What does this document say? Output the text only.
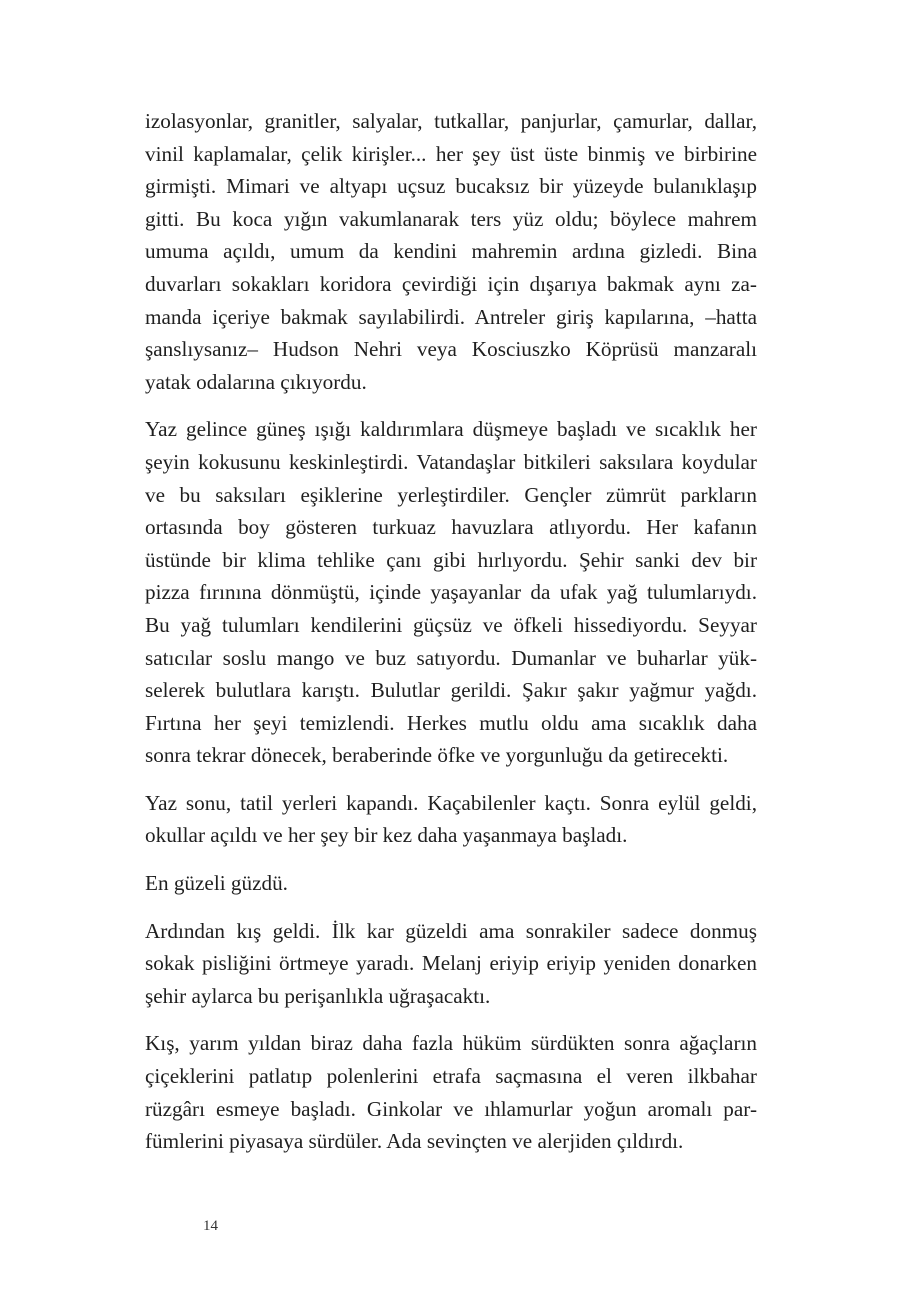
izolasyonlar, granitler, salyalar, tutkallar, panjurlar, çamurlar, dallar,
vinil kaplamalar, çelik kirişler... her şey üst üste binmiş ve birbirine
girmişti. Mimari ve altyapı uçsuz bucaksız bir yüzeyde bulanıklaşıp
gitti. Bu koca yığın vakumlanarak ters yüz oldu; böylece mahrem
umuma açıldı, umum da kendini mahremin ardına gizledi. Bina
duvarları sokakları koridora çevirdiği için dışarıya bakmak aynı za-
manda içeriye bakmak sayılabilirdi. Antreler giriş kapılarına, –hatta
şanslıysanız– Hudson Nehri veya Kosciuszko Köprüsü manzaralı
yatak odalarına çıkıyordu.

Yaz gelince güneş ışığı kaldırımlara düşmeye başladı ve sıcaklık her
şeyin kokusunu keskinleştirdi. Vatandaşlar bitkileri saksılara koydular
ve bu saksıları eşiklerine yerleştirdiler. Gençler zümrüt parkların
ortasında boy gösteren turkuaz havuzlara atlıyordu. Her kafanın
üstünde bir klima tehlike çanı gibi hırlıyordu. Şehir sanki dev bir
pizza fırınına dönmüştü, içinde yaşayanlar da ufak yağ tulumlarıydı.
Bu yağ tulumları kendilerini güçsüz ve öfkeli hissediyordu. Seyyar
satıcılar soslu mango ve buz satıyordu. Dumanlar ve buharlar yük-
selerek bulutlara karıştı. Bulutlar gerildi. Şakır şakır yağmur yağdı.
Fırtına her şeyi temizlendi. Herkes mutlu oldu ama sıcaklık daha
sonra tekrar dönecek, beraberinde öfke ve yorgunluğu da getirecekti.

Yaz sonu, tatil yerleri kapandı. Kaçabilenler kaçtı. Sonra eylül geldi,
okullar açıldı ve her şey bir kez daha yaşanmaya başladı.

En güzeli güzdü.

Ardından kış geldi. İlk kar güzeldi ama sonrakiler sadece donmuş
sokak pisliğini örtmeye yaradı. Melanj eriyip eriyip yeniden donarken
şehir aylarca bu perişanlıkla uğraşacaktı.

Kış, yarım yıldan biraz daha fazla hüküm sürdükten sonra ağaçların
çiçeklerini patlatıp polenlerini etrafa saçmasına el veren ilkbahar
rüzgârı esmeye başladı. Ginkolar ve ıhlamurlar yoğun aromalı par-
fümlerini piyasaya sürdüler. Ada sevinçten ve alerjiden çıldırdı.

14
